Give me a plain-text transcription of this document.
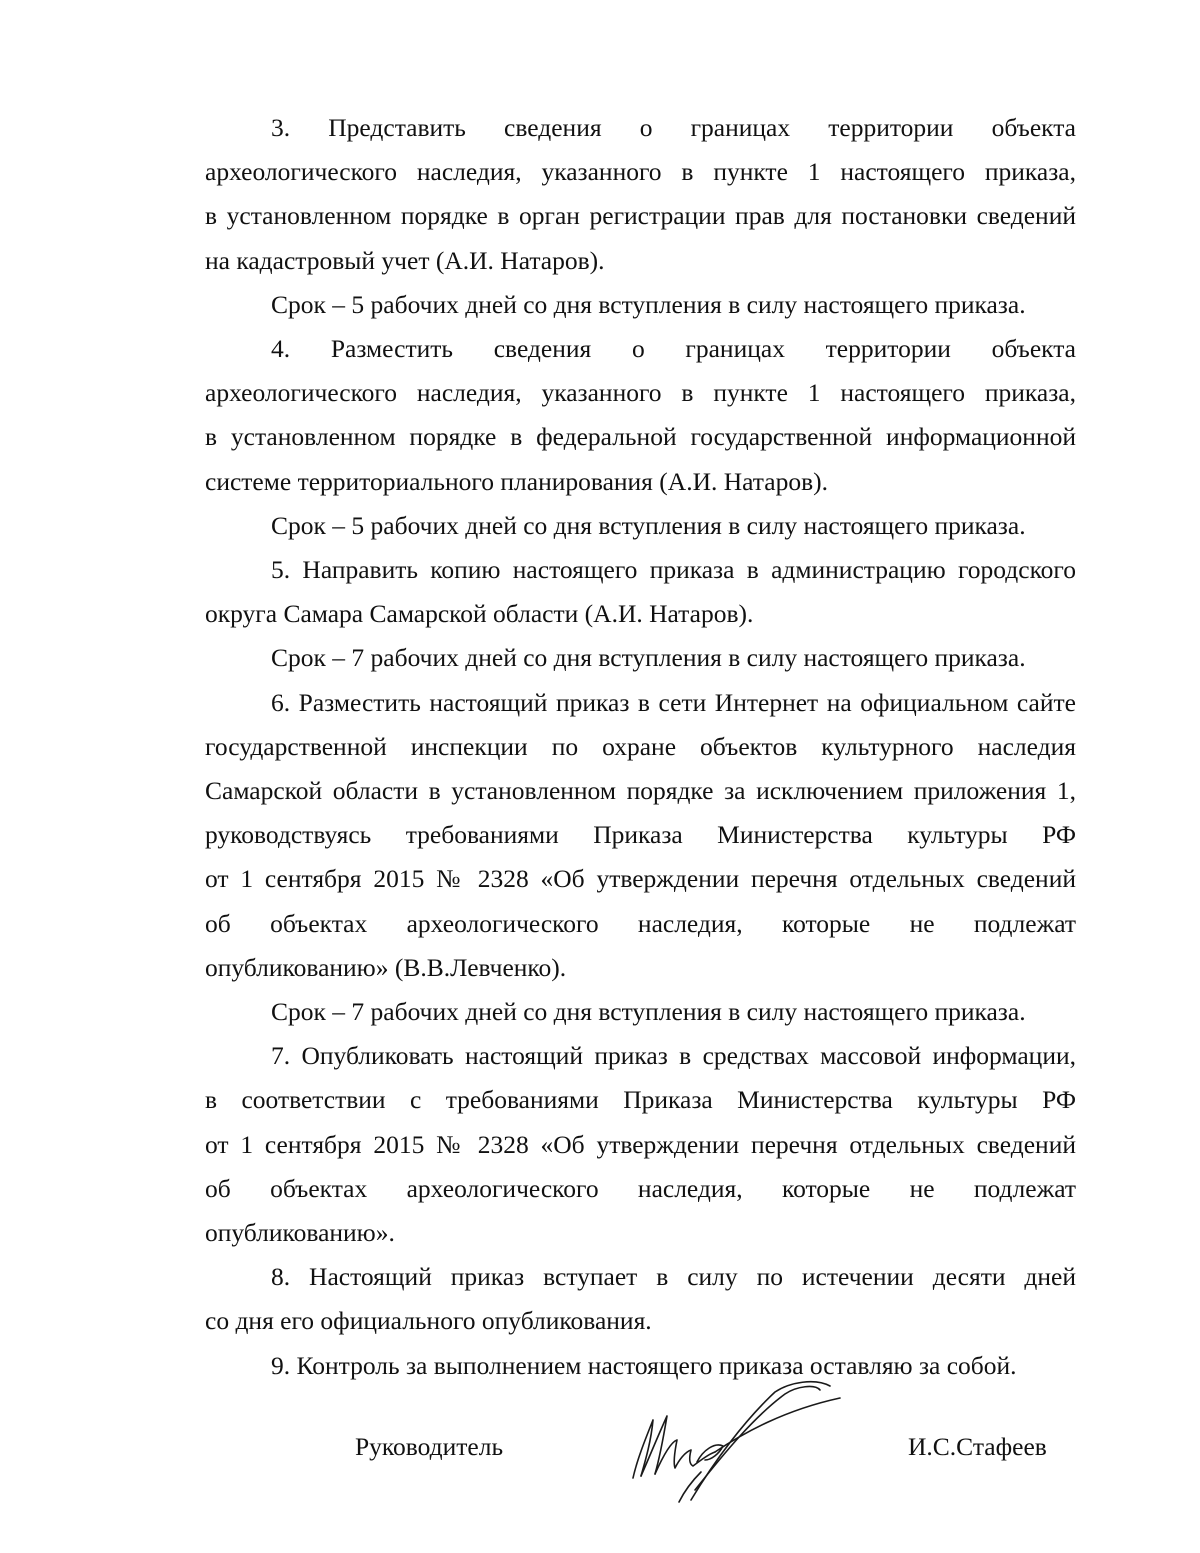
3. Представить сведения о границах территории объекта
археологического наследия, указанного в пункте 1 настоящего приказа,
в установленном порядке в орган регистрации прав для постановки сведений
на кадастровый учет (А.И. Натаров).
Срок – 5 рабочих дней со дня вступления в силу настоящего приказа.
4. Разместить сведения о границах территории объекта
археологического наследия, указанного в пункте 1 настоящего приказа,
в установленном порядке в федеральной государственной информационной
системе территориального планирования (А.И. Натаров).
Срок – 5 рабочих дней со дня вступления в силу настоящего приказа.
5. Направить копию настоящего приказа в администрацию городского
округа Самара Самарской области (А.И. Натаров).
Срок – 7 рабочих дней со дня вступления в силу настоящего приказа.
6. Разместить настоящий приказ в сети Интернет на официальном сайте
государственной инспекции по охране объектов культурного наследия
Самарской области в установленном порядке за исключением приложения 1,
руководствуясь требованиями Приказа Министерства культуры РФ
от 1 сентября 2015 № 2328 «Об утверждении перечня отдельных сведений
об объектах археологического наследия, которые не подлежат
опубликованию» (В.В.Левченко).
Срок – 7 рабочих дней со дня вступления в силу настоящего приказа.
7. Опубликовать настоящий приказ в средствах массовой информации,
в соответствии с требованиями Приказа Министерства культуры РФ
от 1 сентября 2015 № 2328 «Об утверждении перечня отдельных сведений
об объектах археологического наследия, которые не подлежат
опубликованию».
8. Настоящий приказ вступает в силу по истечении десяти дней
со дня его официального опубликования.
9. Контроль за выполнением настоящего приказа оставляю за собой.
Руководитель	И.С.Стафеев
